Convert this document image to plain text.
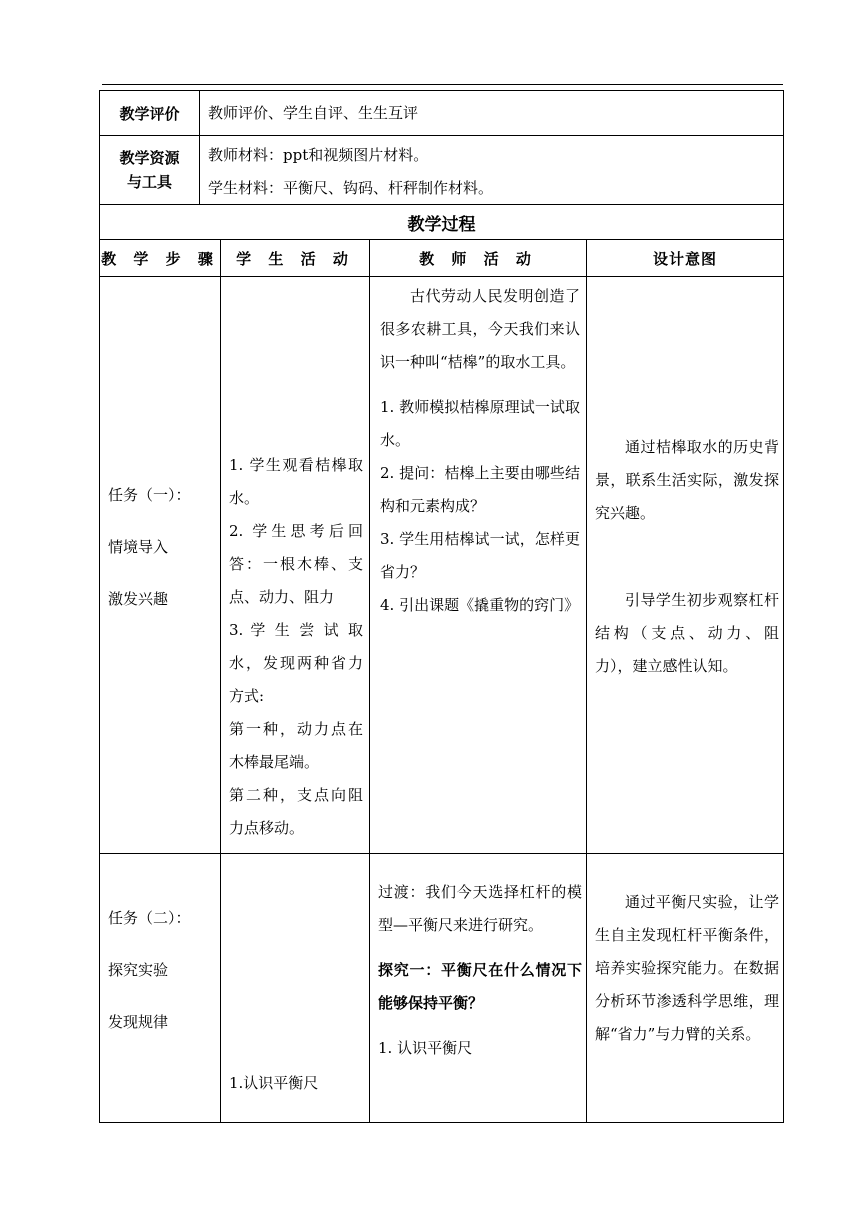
教学评价 教师评价、学生自评、生生互评
教学资源
与工具
教师材料：ppt和视频图片材料。
学生材料：平衡尺、钩码、杆秤制作材料。
教学过程
教 学 步 骤 学 生 活 动	教 师 活 动	设计意图
任务（一）：
情境导入
激发兴趣

1. 学生观看桔槔取水。

2. 学生思考后回答：一根木棒、支点、动力、阻力

3. 学 生 尝 试 取 水，发现两种省力方式:

第一种，动力点在木棒最尾端。

第二种，支点向阻力点移动。

古代劳动人民发明创造了很多农耕工具，今天我们来认识一种叫“桔槔”的取水工具。

1. 教师模拟桔槔原理试一试取水。

2. 提问：桔槔上主要由哪些结构和元素构成？

3. 学生用桔槔试一试，怎样更省力？

4. 引出课题《撬重物的窍门》

通过桔槔取水的历史背景，联系生活实际，激发探究兴趣。

引导学生初步观察杠杆结构（支点、动力、阻力），建立感性认知。

任务（二）：
探究实验
发现规律

1.认识平衡尺

过渡：我们今天选择杠杆的模型—平衡尺来进行研究。

探究一：平衡尺在什么情况下能够保持平衡？

1. 认识平衡尺

通过平衡尺实验，让学生自主发现杠杆平衡条件，培养实验探究能力。在数据分析环节渗透科学思维，理解“省力”与力臂的关系。
